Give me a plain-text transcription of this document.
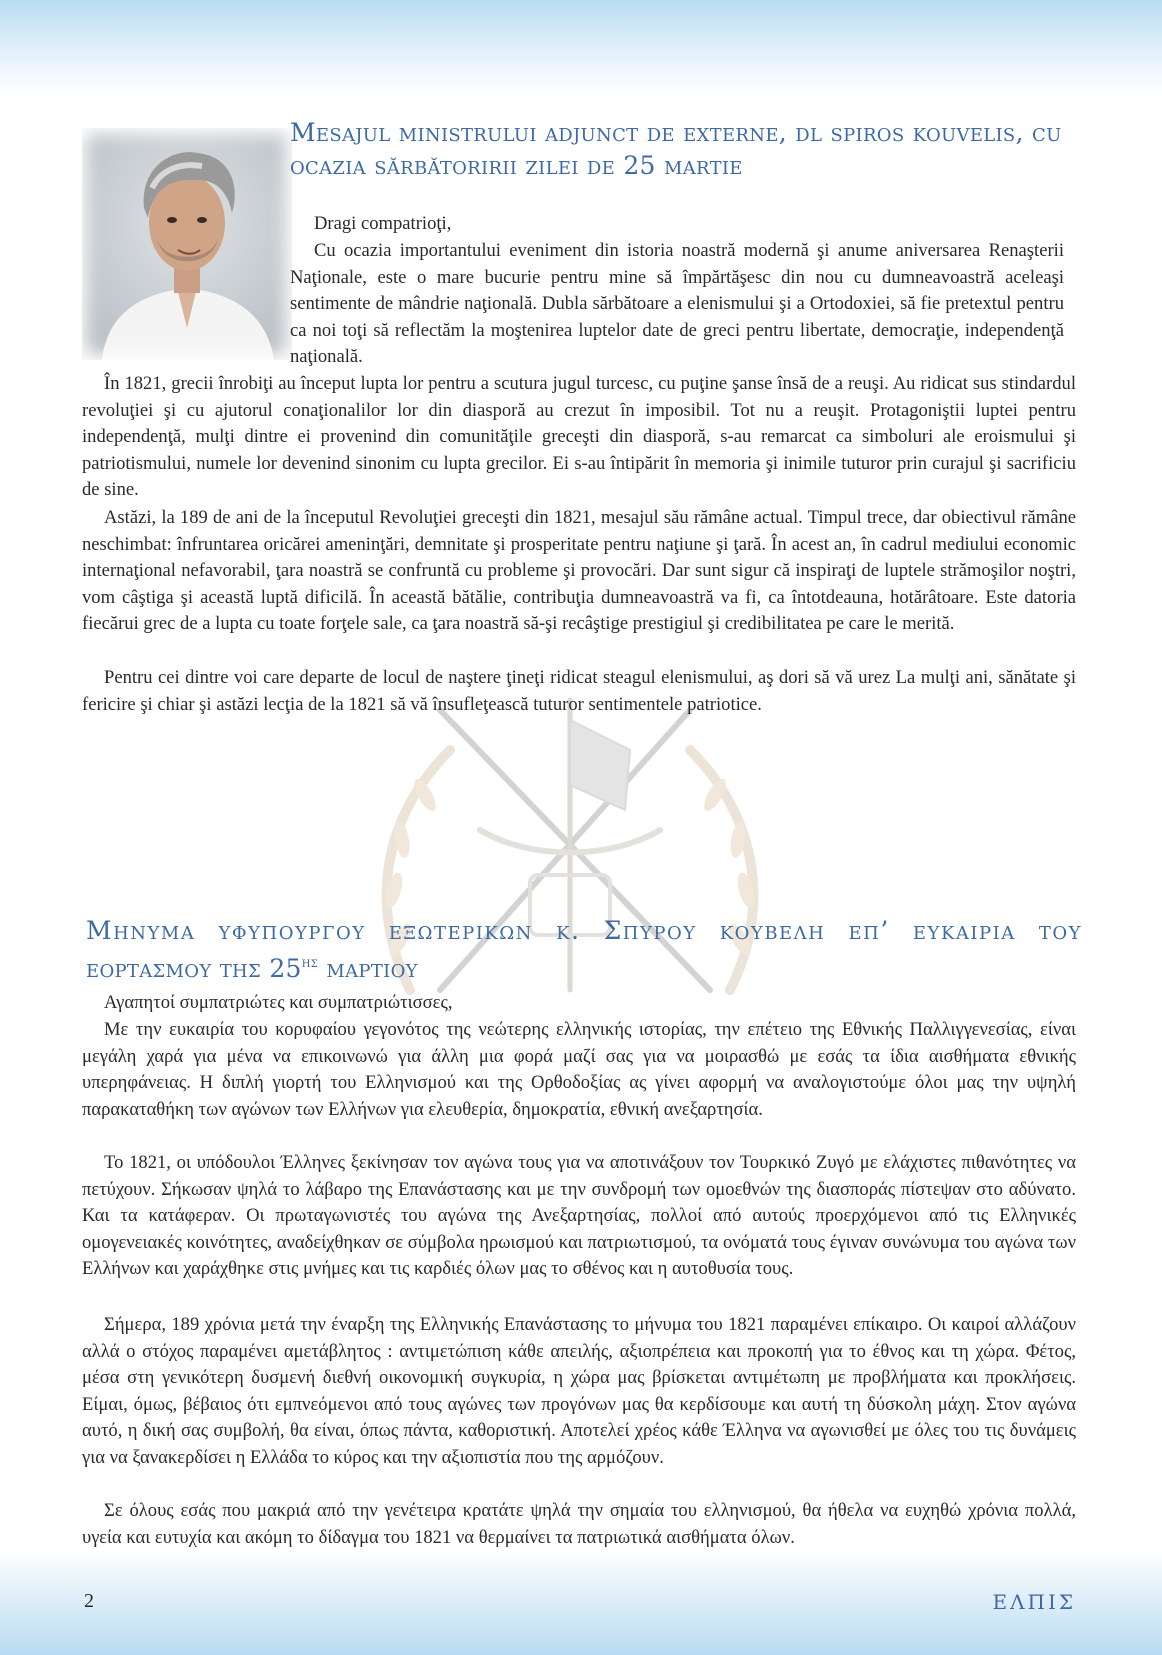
Mesajul ministrului adjunct de externe, dl spiros kouvelis, cu
ocazia sărbătoririi zilei de 25 martie

Dragi compatrioţi,

Cu ocazia importantului eveniment din istoria noastră modernă şi anume aniversarea Renaşterii Naţionale, este o mare bucurie pentru mine să împărtăşesc din nou cu dumneavoastră aceleaşi sentimente de mândrie naţională. Dubla sărbătoare a elenismului şi a Ortodoxiei, să fie pretextul pentru ca noi toţi să reflectăm la moştenirea luptelor date de greci pentru libertate, democraţie, independenţă naţională.

În 1821, grecii înrobiţi au început lupta lor pentru a scutura jugul turcesc, cu puţine şanse însă de a reuşi. Au ridicat sus stindardul revoluţiei şi cu ajutorul conaţionalilor lor din diasporă au crezut în imposibil. Tot nu a reuşit. Protagoniştii luptei pentru independenţă, mulţi dintre ei provenind din comunităţile greceşti din diasporă, s-au remarcat ca simboluri ale eroismului şi patriotismului, numele lor devenind sinonim cu lupta grecilor. Ei s-au întipărit în memoria şi inimile tuturor prin curajul şi sacrificiu de sine.

Astăzi, la 189 de ani de la începutul Revoluţiei greceşti din 1821, mesajul său rămâne actual. Timpul trece, dar obiectivul rămâne neschimbat: înfruntarea oricărei ameninţări, demnitate şi prosperitate pentru naţiune şi ţară. În acest an, în cadrul mediului economic internaţional nefavorabil, ţara noastră se confruntă cu probleme şi provocări. Dar sunt sigur că inspiraţi de luptele strămoşilor noştri, vom câştiga şi această luptă dificilă. În această bătălie, contribuţia dumneavoastră va fi, ca întotdeauna, hotărâtoare. Este datoria fiecărui grec de a lupta cu toate forţele sale, ca ţara noastră să-şi recâştige prestigiul şi credibilitatea pe care le merită.

Pentru cei dintre voi care departe de locul de naştere ţineţi ridicat steagul elenismului, aş dori să vă urez La mulţi ani, sănătate şi fericire şi chiar şi astăzi lecţia de la 1821 să vă însufleţească tuturor sentimentele patriotice.

Μηνυμα υφυπουργου εξωτερικων κ. Σπυρου κουβελη επ’ ευκαιρια του
εορτασμου της $25^{\eta\varsigma}$ μαρτιου

Αγαπητοί συμπατριώτες και συμπατριώτισσες,

Με την ευκαιρία του κορυφαίου γεγονότος της νεώτερης ελληνικής ιστορίας, την επέτειο της Εθνικής Παλλιγγενεσίας, είναι μεγάλη χαρά για μένα να επικοινωνώ για άλλη μια φορά μαζί σας για να μοιρασθώ με εσάς τα ίδια αισθήματα εθνικής υπερηφάνειας. Η διπλή γιορτή του Ελληνισμού και της Ορθοδοξίας ας γίνει αφορμή να αναλογιστούμε όλοι μας την υψηλή παρακαταθήκη των αγώνων των Ελλήνων για ελευθερία, δημοκρατία, εθνική ανεξαρτησία.

Το 1821, οι υπόδουλοι Έλληνες ξεκίνησαν τον αγώνα τους για να αποτινάξουν τον Τουρκικό Ζυγό με ελάχιστες πιθανότητες να πετύχουν. Σήκωσαν ψηλά το λάβαρο της Επανάστασης και με την συνδρομή των ομοεθνών της διασποράς πίστεψαν στο αδύνατο. Και τα κατάφεραν. Οι πρωταγωνιστές του αγώνα της Ανεξαρτησίας, πολλοί από αυτούς προερχόμενοι από τις Ελληνικές ομογενειακές κοινότητες, αναδείχθηκαν σε σύμβολα ηρωισμού και πατριωτισμού, τα ονόματά τους έγιναν συνώνυμα του αγώνα των Ελλήνων και χαράχθηκε στις μνήμες και τις καρδιές όλων μας το σθένος και η αυτοθυσία τους.

Σήμερα, 189 χρόνια μετά την έναρξη της Ελληνικής Επανάστασης το μήνυμα του 1821 παραμένει επίκαιρο. Οι καιροί αλλάζουν αλλά ο στόχος παραμένει αμετάβλητος : αντιμετώπιση κάθε απειλής, αξιοπρέπεια και προκοπή για το έθνος και τη χώρα. Φέτος, μέσα στη γενικότερη δυσμενή διεθνή οικονομική συγκυρία, η χώρα μας βρίσκεται αντιμέτωπη με προβλήματα και προκλήσεις. Είμαι, όμως, βέβαιος ότι εμπνεόμενοι από τους αγώνες των προγόνων μας θα κερδίσουμε και αυτή τη δύσκολη μάχη. Στον αγώνα αυτό, η δική σας συμβολή, θα είναι, όπως πάντα, καθοριστική. Αποτελεί χρέος κάθε Έλληνα να αγωνισθεί με όλες του τις δυνάμεις για να ξανακερδίσει η Ελλάδα το κύρος και την αξιοπιστία που της αρμόζουν.

Σε όλους εσάς που μακριά από την γενέτειρα κρατάτε ψηλά την σημαία του ελληνισμού, θα ήθελα να ευχηθώ χρόνια πολλά, υγεία και ευτυχία και ακόμη το δίδαγμα του 1821 να θερμαίνει τα πατριωτικά αισθήματα όλων.

2	ΕΛΠΙΣ
